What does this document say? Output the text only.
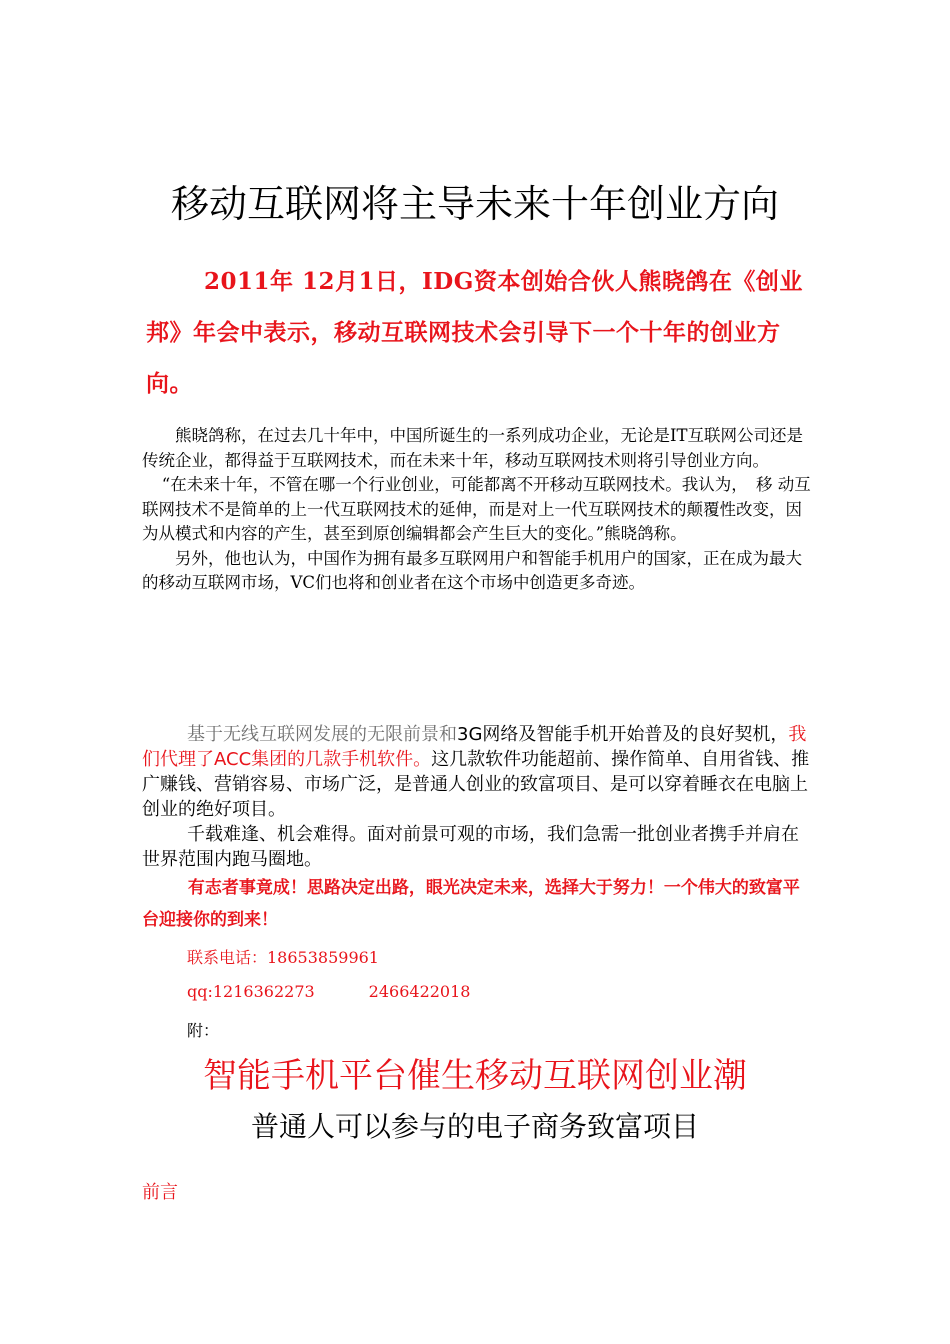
移动互联网将主导未来十年创业方向
2011年 12月1日，IDG资本创始合伙人熊晓鸽在《创业邦》年会中表示，移动互联网技术会引导下一个十年的创业方向。

熊晓鸽称，在过去几十年中，中国所诞生的一系列成功企业，无论是IT互联网公司还是传统企业，都得益于互联网技术，而在未来十年，移动互联网技术则将引导创业方向。

“在未来十年，不管在哪一个行业创业，可能都离不开移动互联网技术。我认为，　移 动互联网技术不是简单的上一代互联网技术的延伸，而是对上一代互联网技术的颠覆性改变，因为从模式和内容的产生，甚至到原创编辑都会产生巨大的变化。”熊晓鸽称。

另外，他也认为，中国作为拥有最多互联网用户和智能手机用户的国家，正在成为最大的移动互联网市场，VC们也将和创业者在这个市场中创造更多奇迹。

基于无线互联网发展的无限前景和3G网络及智能手机开始普及的良好契机，我们代理了ACC集团的几款手机软件。这几款软件功能超前、操作简单、自用省钱、推广赚钱、营销容易、市场广泛，是普通人创业的致富项目、是可以穿着睡衣在电脑上创业的绝好项目。

千载难逢、机会难得。面对前景可观的市场，我们急需一批创业者携手并肩在世界范围内跑马圈地。

有志者事竟成！思路决定出路，眼光决定未来，选择大于努力！一个伟大的致富平台迎接你的到来！
联系电话：18653859961
qq:1216362273	2466422018
附：
智能手机平台催生移动互联网创业潮
普通人可以参与的电子商务致富项目
前言
